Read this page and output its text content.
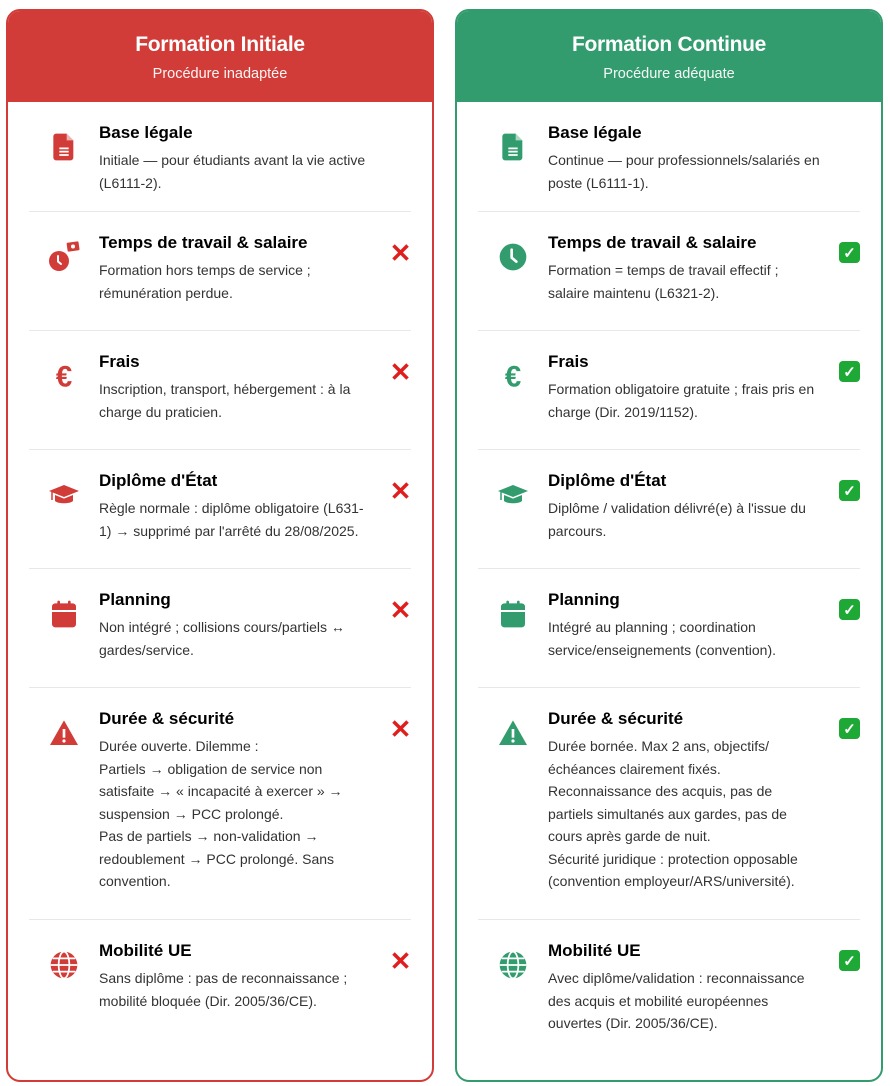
Formation Initiale

Procédure inadaptée

Base légale
Initiale — pour étudiants avant la vie active (L6111-2).
Temps de travail & salaire
Formation hors temps de service ; rémunération perdue.
✕
€ Frais
Inscription, transport, hébergement : à la charge du praticien.
✕
Diplôme d'État
Règle normale : diplôme obligatoire (L631-1) → supprimé par l'arrêté du 28/08/2025.
✕
Planning
Non intégré ; collisions cours/partiels ↔ gardes/service.
✕
Durée & sécurité
Durée ouverte. Dilemme :
Partiels → obligation de service non satisfaite → « incapacité à exercer » → suspension → PCC prolongé.
Pas de partiels → non-validation → redoublement → PCC prolongé. Sans convention.
✕
Mobilité UE
Sans diplôme : pas de reconnaissance ; mobilité bloquée (Dir. 2005/36/CE).
✕
Formation Continue

Procédure adéquate

Base légale
Continue — pour professionnels/salariés en poste (L6111-1).
Temps de travail & salaire
Formation = temps de travail effectif ; salaire maintenu (L6321-2).
✓
€ Frais
Formation obligatoire gratuite ; frais pris en charge (Dir. 2019/1152).
✓
Diplôme d'État
Diplôme / validation délivré(e) à l'issue du parcours.
✓
Planning
Intégré au planning ; coordination service/enseignements (convention).
✓
Durée & sécurité
Durée bornée. Max 2 ans, objectifs/ échéances clairement fixés.
Reconnaissance des acquis, pas de partiels simultanés aux gardes, pas de cours après garde de nuit.
Sécurité juridique : protection opposable (convention employeur/ARS/université).
✓
Mobilité UE
Avec diplôme/validation : reconnaissance des acquis et mobilité européennes ouvertes (Dir. 2005/36/CE).
✓
